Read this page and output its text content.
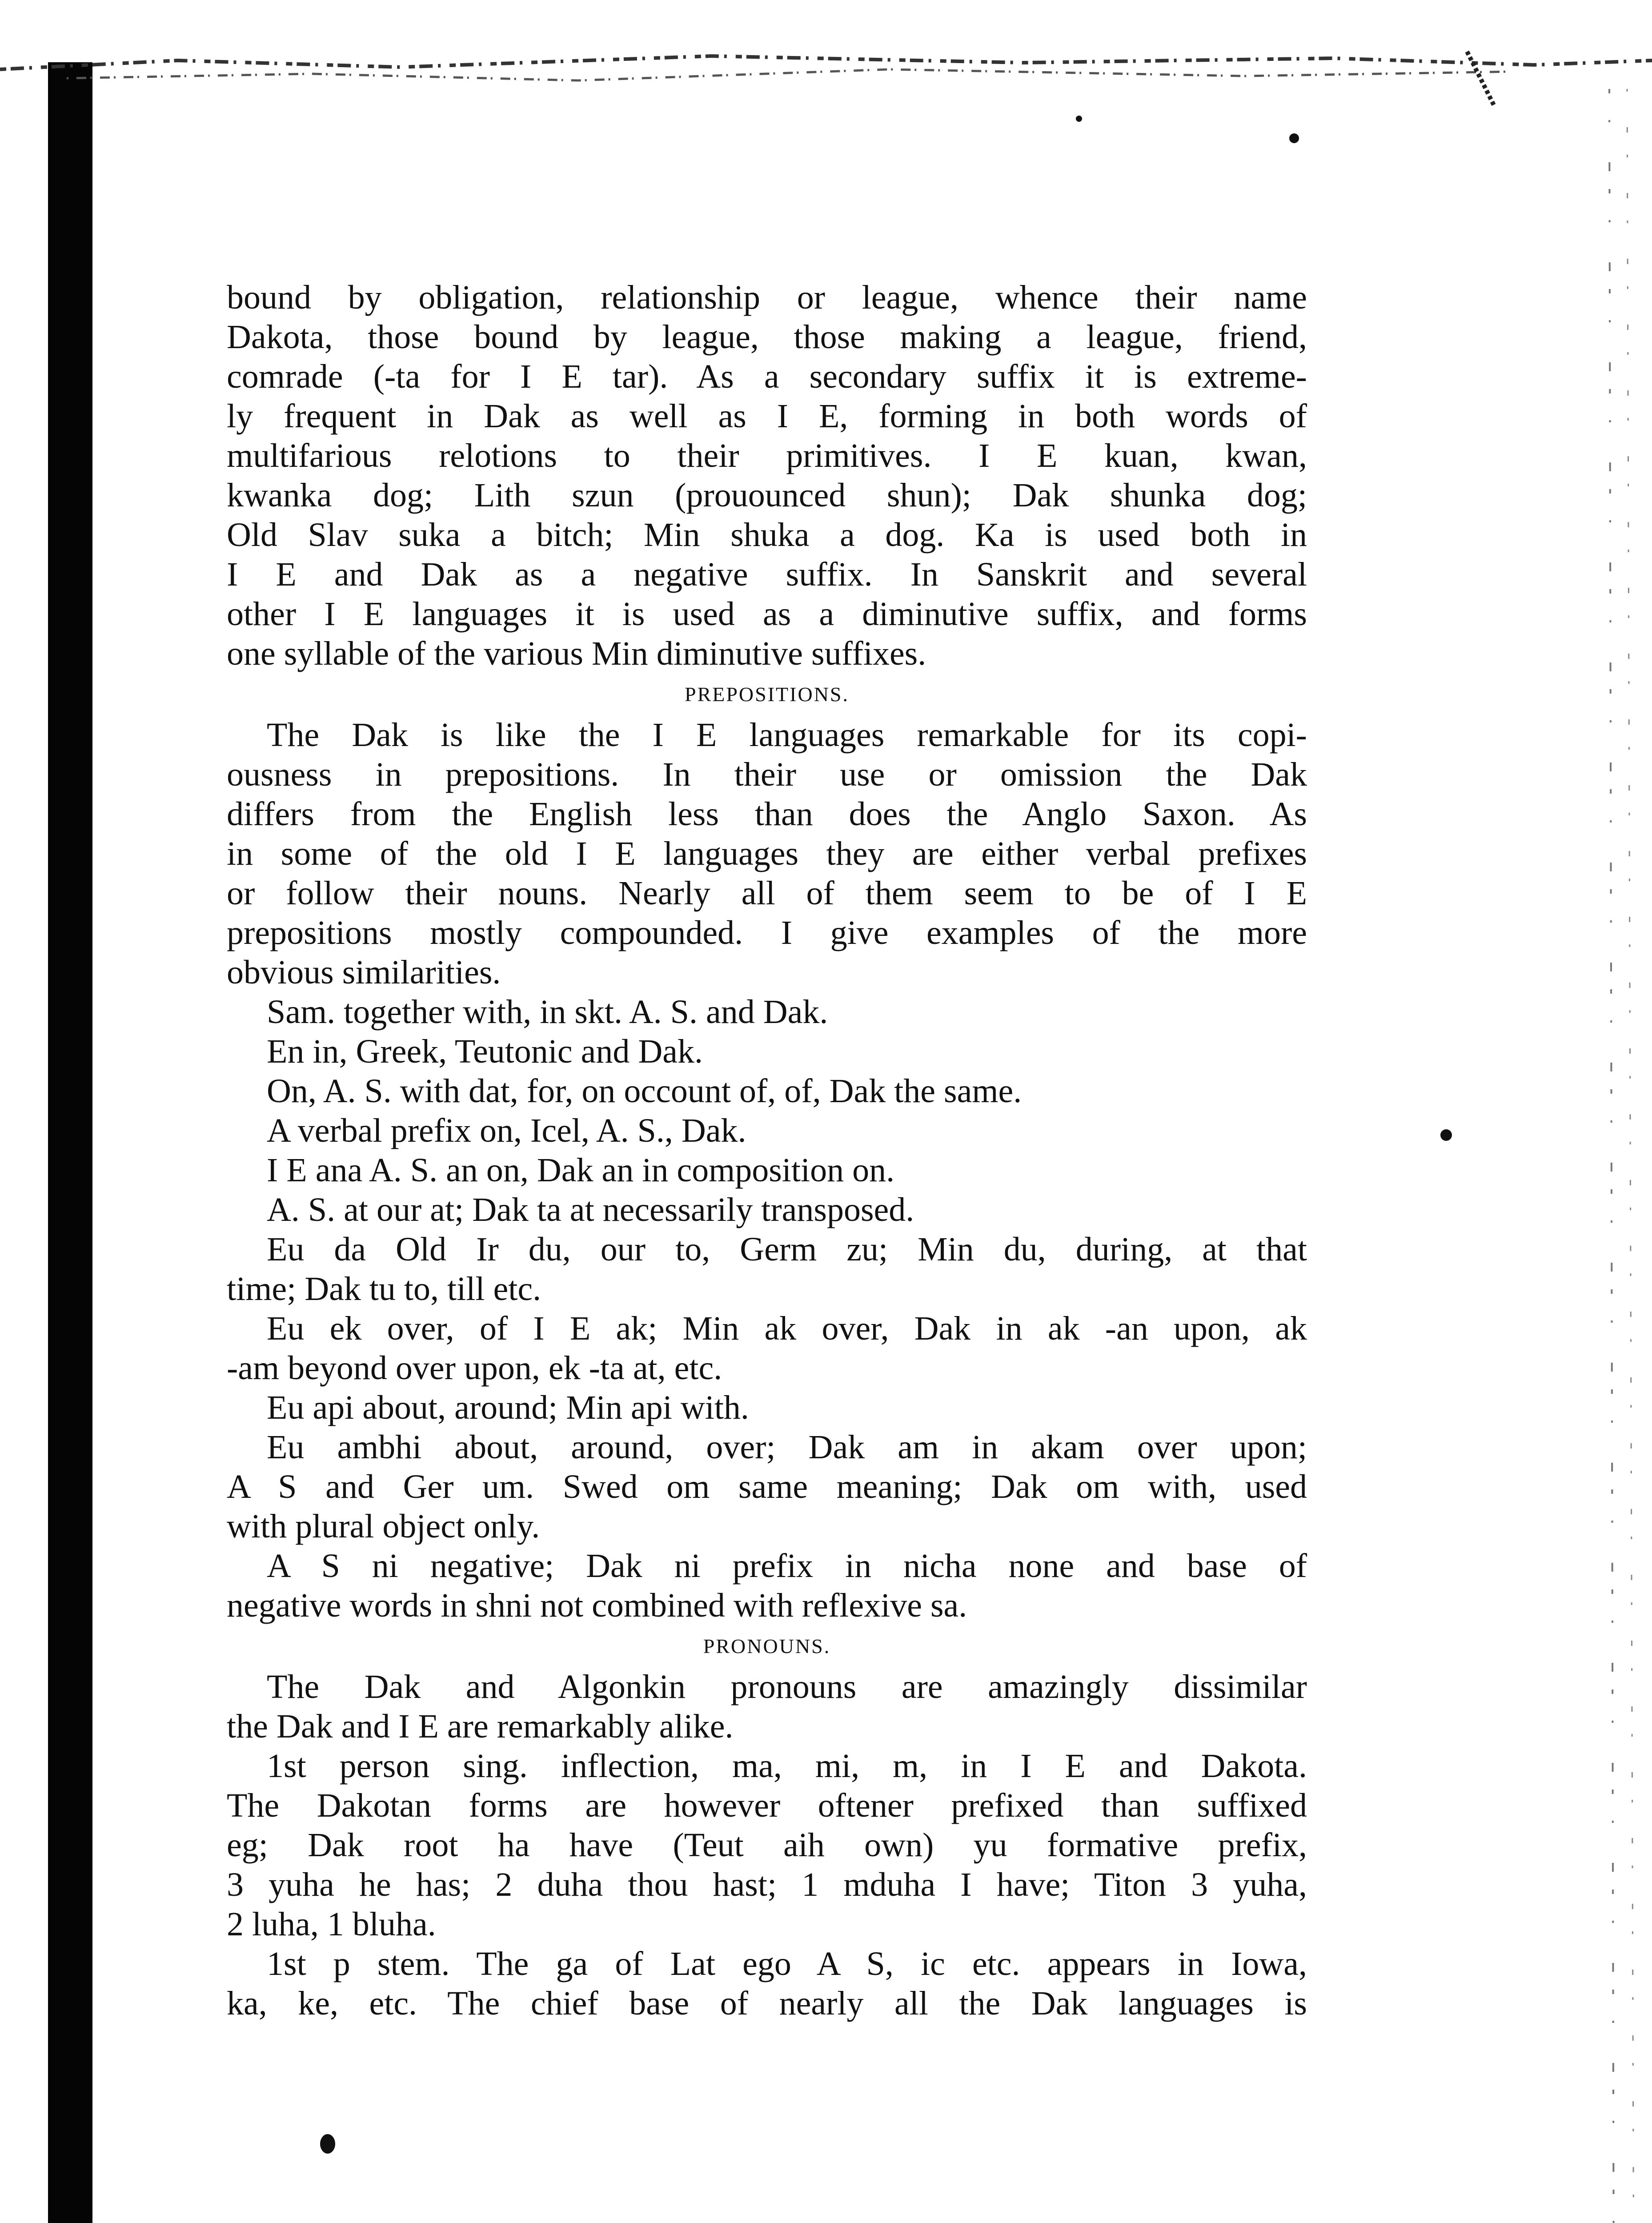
bound by obligation, relationship or league, whence their name
Dakota, those bound by league, those making a league, friend,
comrade (-ta for I E tar). As a secondary suffix it is extreme-
ly frequent in Dak as well as I E, forming in both words of
multifarious relotions to their primitives. I E kuan, kwan,
kwanka dog; Lith szun (prouounced shun); Dak shunka dog;
Old Slav suka a bitch; Min shuka a dog. Ka is used both in
I E and Dak as a negative suffix. In Sanskrit and several
other I E languages it is used as a diminutive suffix, and forms
one syllable of the various Min diminutive suffixes.

PREPOSITIONS.

The Dak is like the I E languages remarkable for its copi-
ousness in prepositions. In their use or omission the Dak
differs from the English less than does the Anglo Saxon. As
in some of the old I E languages they are either verbal prefixes
or follow their nouns. Nearly all of them seem to be of I E
prepositions mostly compounded. I give examples of the more
obvious similarities.

Sam. together with, in skt. A. S. and Dak.

En in, Greek, Teutonic and Dak.

On, A. S. with dat, for, on occount of, of, Dak the same.

A verbal prefix on, Icel, A. S., Dak.

I E ana A. S. an on, Dak an in composition on.

A. S. at our at; Dak ta at necessarily transposed.

Eu da Old Ir du, our to, Germ zu; Min du, during, at that
time; Dak tu to, till etc.

Eu ek over, of I E ak; Min ak over, Dak in ak -an upon, ak
-am beyond over upon, ek -ta at, etc.

Eu api about, around; Min api with.

Eu ambhi about, around, over; Dak am in akam over upon;
A S and Ger um. Swed om same meaning; Dak om with, used
with plural object only.

A S ni negative; Dak ni prefix in nicha none and base of
negative words in shni not combined with reflexive sa.

PRONOUNS.

The Dak and Algonkin pronouns are amazingly dissimilar
the Dak and I E are remarkably alike.

1st person sing. inflection, ma, mi, m, in I E and Dakota.
The Dakotan forms are however oftener prefixed than suffixed
eg; Dak root ha have (Teut aih own) yu formative prefix,
3 yuha he has; 2 duha thou hast; 1 mduha I have; Titon 3 yuha,
2 luha, 1 bluha.

1st p stem. The ga of Lat ego A S, ic etc. appears in Iowa,
ka, ke, etc. The chief base of nearly all the Dak languages is
